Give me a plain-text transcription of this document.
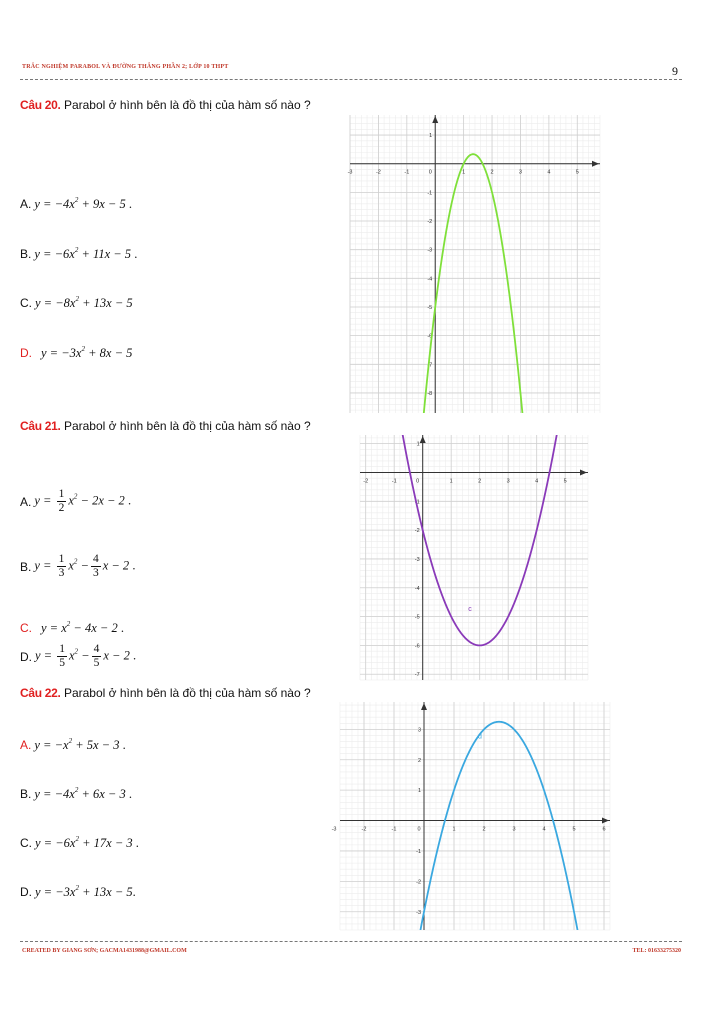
TRẮC NGHIỆM PARABOL VÀ ĐƯỜNG THẲNG PHẦN 2; LỚP 10 THPT	9
Câu 20. Parabol ở hình bên là đồ thị của hàm số nào ?
A. $y = -4x^2 + 9x - 5$ .
B. $y = -6x^2 + 11x - 5$ .
C. $y = -8x^2 + 13x - 5$
D. $y = -3x^2 + 8x - 5$
-3	-2	-1	0	1	2	3	4	5
1
-1
-2
-3
-4
-5
-6
-7
-8
Câu 21. Parabol ở hình bên là đồ thị của hàm số nào ?
A. $y = \frac{1}{2} x^2 - 2x - 2$ .
B. $y = \frac{1}{3} x^2 - \frac{4}{3}$ x − 2 .
C. $y = x^2 - 4x - 2$ .
D. $y = \frac{1}{5} x^2 - \frac{4}{5}$ x − 2 .
-2	-1	0	1	2	3	4	5
1
-1
-2
-3
-4
-5
-6
-7
c
Câu 22. Parabol ở hình bên là đồ thị của hàm số nào ?
A. $y = -x^2 + 5x - 3$ .
B. $y = -4x^2 + 6x - 3$ .
C. $y = -6x^2 + 17x - 3$ .
D. $y = -3x^2 + 13x - 5$.
-3	-2	-1	0	1	2	3	4	5	6
3
2
1
-1
-2
-3
d
CREATED BY GIANG SƠN; GACMA1431988@GMAIL.COM	TEL: 01633275320
